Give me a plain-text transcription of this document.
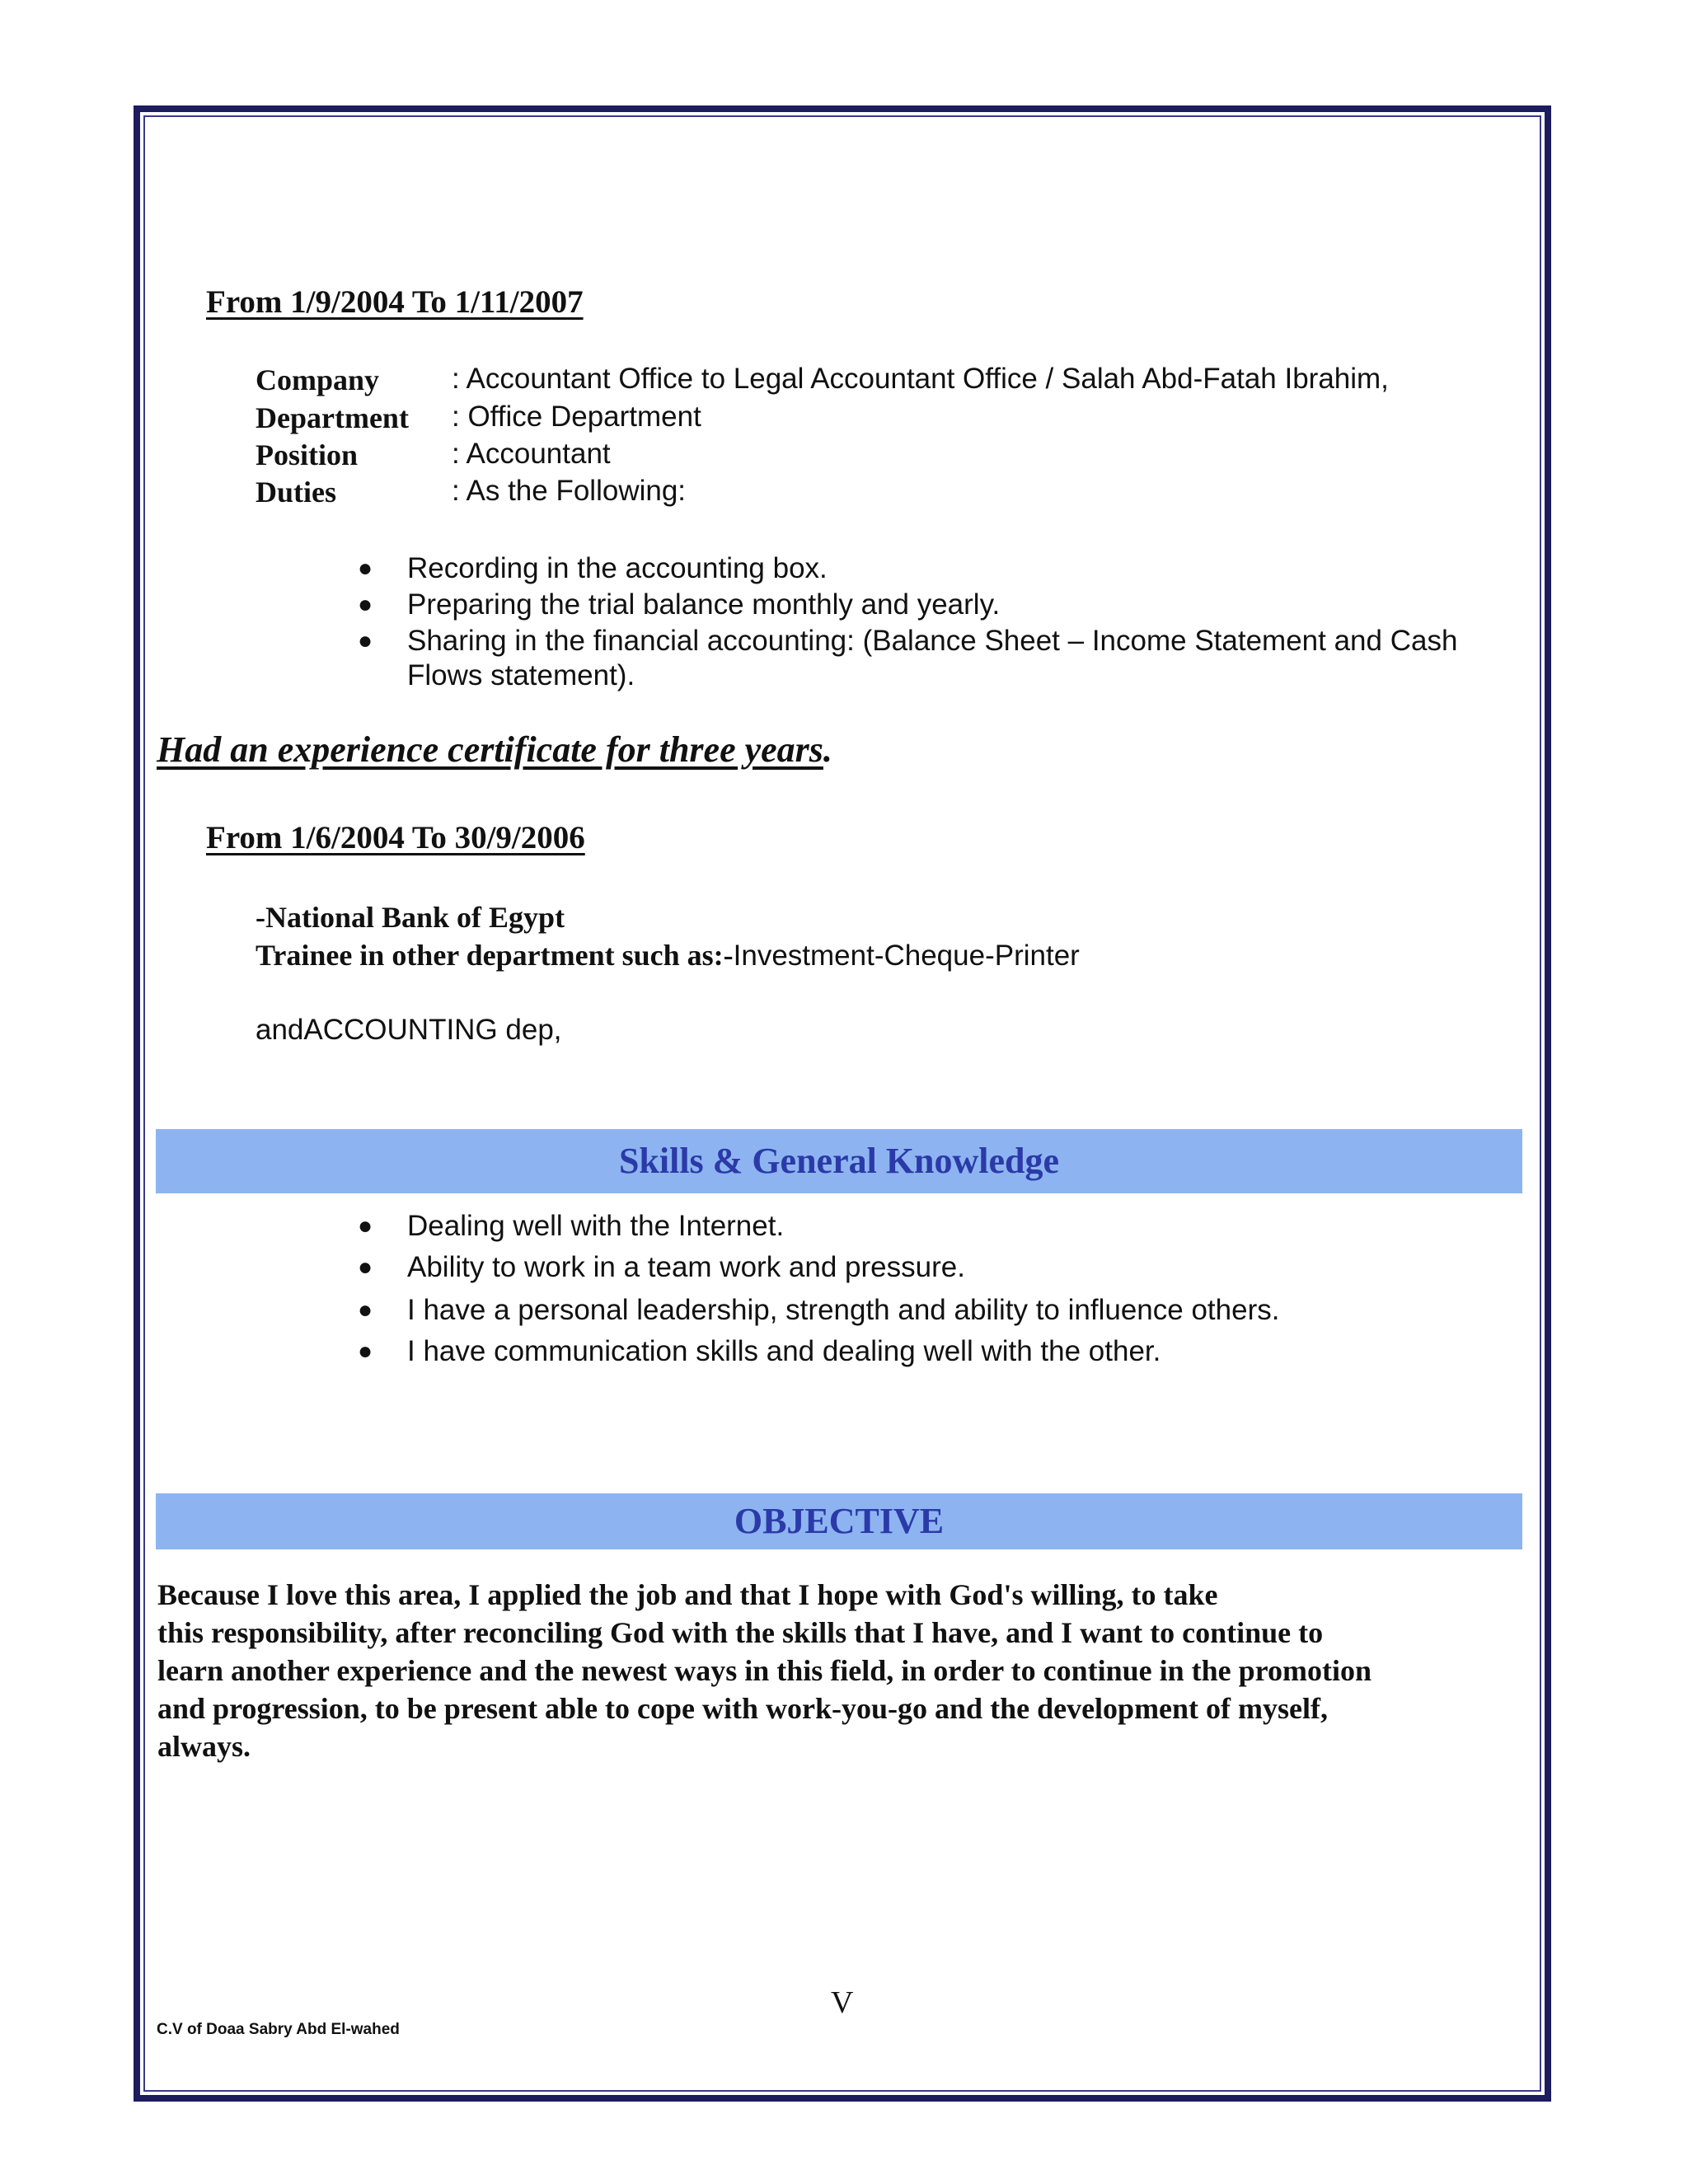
From 1/9/2004 To 1/11/2007
Company	: Accountant Office to Legal Accountant Office / Salah Abd-Fatah Ibrahim,
Department : Office Department
Position	: Accountant
Duties	: As the Following:
● Recording in the accounting box.
● Preparing the trial balance monthly and yearly.
● Sharing in the financial accounting: (Balance Sheet – Income Statement and Cash
Flows statement).
Had an experience certificate for three years.
From 1/6/2004 To 30/9/2006
-National Bank of Egypt
Trainee in other department such as:-Investment-Cheque-Printer
andACCOUNTING dep,
Skills & General Knowledge
● Dealing well with the Internet.
● Ability to work in a team work and pressure.
● I have a personal leadership, strength and ability to influence others.
● I have communication skills and dealing well with the other.
OBJECTIVE
Because I love this area, I applied the job and that I hope with God's willing, to take
this responsibility, after reconciling God with the skills that I have, and I want to continue to
learn another experience and the newest ways in this field, in order to continue in the promotion
and progression, to be present able to cope with work-you-go and the development of myself,
always.
V
C.V of Doaa Sabry Abd El-wahed
